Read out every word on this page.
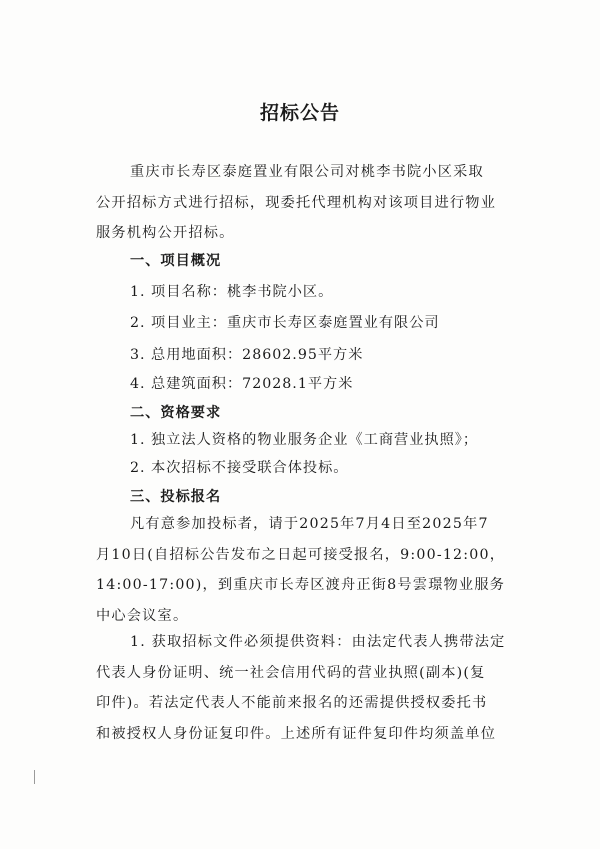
招标公告
重庆市长寿区泰庭置业有限公司对桃李书院小区采取
公开招标方式进行招标，现委托代理机构对该项目进行物业
服务机构公开招标。
一、项目概况
1. 项目名称：桃李书院小区。
2. 项目业主：重庆市长寿区泰庭置业有限公司
3. 总用地面积：28602.95平方米
4. 总建筑面积：72028.1平方米
二、资格要求
1. 独立法人资格的物业服务企业《工商营业执照》；
2. 本次招标不接受联合体投标。
三、投标报名
凡有意参加投标者，请于2025年7月4日至2025年7
月10日(自招标公告发布之日起可接受报名，9:00-12:00，
14:00-17:00)，到重庆市长寿区渡舟正街8号雲璟物业服务
中心会议室。
1. 获取招标文件必须提供资料：由法定代表人携带法定
代表人身份证明、统一社会信用代码的营业执照(副本)(复
印件)。若法定代表人不能前来报名的还需提供授权委托书
和被授权人身份证复印件。上述所有证件复印件均须盖单位
